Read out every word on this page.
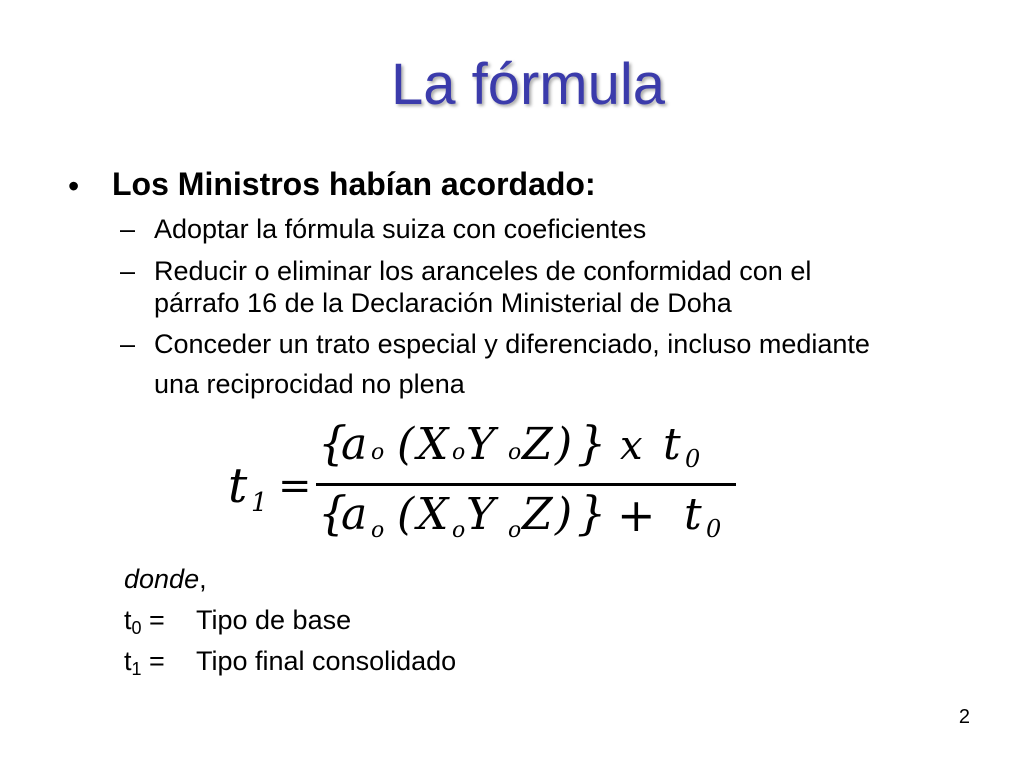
La fórmula
• Los Ministros habían acordado:
– Adoptar la fórmula suiza con coeficientes
– Reducir o eliminar los aranceles de conformidad con el
párrafo 16 de la Declaración Ministerial de Doha
– Conceder un trato especial y diferenciado, incluso mediante
una reciprocidad no plena
t 1 =
{
a o ( X o Y o Z ) } x t 0
{
a o ( X o Y o Z ) } + t 0
donde,
$t_0$ = Tipo de base
$t_1$ = Tipo final consolidado
2
